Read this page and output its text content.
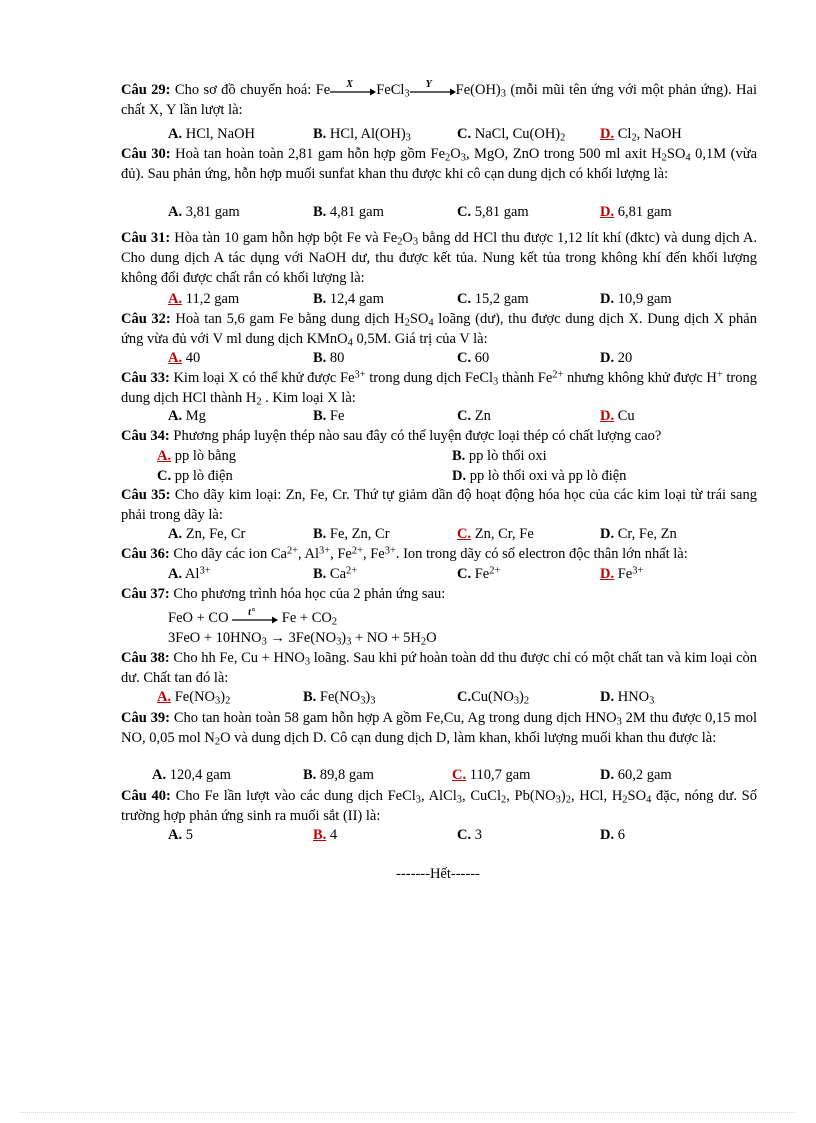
Câu 29: Cho sơ đồ chuyển hoá: Fe X FeCl$_3$
Y $Fe(OH)_3$ (mỗi mũi tên ứng với một phản ứng). Hai chất X, Y lần lượt là:

A. HCl, NaOH	B. HCl, $Al(OH)_3$	C. NaCl, $Cu(OH)_2$ D. $Cl_2$, NaOH

Câu 30: Hoà tan hoàn toàn 2,81 gam hỗn hợp gồm $Fe_2O_3$, MgO, ZnO trong 500 ml axit $H_2SO_4$ 0,1M (vừa đủ). Sau phản ứng, hỗn hợp muối sunfat khan thu được khi cô cạn dung dịch có khối lượng là:

A. 3,81 gam	B. 4,81 gam	C. 5,81 gam	D. 6,81 gam

Câu 31: Hòa tàn 10 gam hỗn hợp bột Fe và $Fe_2O_3$ bằng dd HCl thu được 1,12 lít khí (đktc) và dung dịch A. Cho dung dịch A tác dụng với NaOH dư, thu được kết tủa. Nung kết tủa trong không khí đến khối lượng không đổi được chất rắn có khối lượng là:

A. 11,2 gam	B. 12,4 gam	C. 15,2 gam	D. 10,9 gam

Câu 32: Hoà tan 5,6 gam Fe bằng dung dịch $H_2SO_4$ loãng (dư), thu được dung dịch X. Dung dịch X phản ứng vừa đủ với V ml dung dịch KMnO$_4$ 0,5M. Giá trị của V là:

A. 40	B. 80	C. 60	D. 20

Câu 33: Kim loại X có thể khử được $Fe^{3+}$ trong dung dịch FeCl$_3$ thành $Fe^{2+}$ nhưng không khử được H+ trong dung dịch HCl thành $H_2$ . Kim loại X là:

A. Mg	B. Fe	C. Zn	D. Cu

Câu 34: Phương pháp luyện thép nào sau đây có thể luyện được loại thép có chất lượng cao?

A. pp lò bằng	B. pp lò thổi oxi
C. pp lò điện	D. pp lò thổi oxi và pp lò điện

Câu 35: Cho dãy kim loại: Zn, Fe, Cr. Thứ tự giảm dần độ hoạt động hóa học của các kim loại từ trái sang phải trong dãy là:

A. Zn, Fe, Cr	B. Fe, Zn, Cr	C. Zn, Cr, Fe	D. Cr, Fe, Zn

Câu 36: Cho dãy các ion $Ca^{2+}$, $Al^{3+}$, $Fe^{2+}$, $Fe^{3+}$. Ion trong dãy có số electron độc thân lớn nhất là:

A. $Al^{3+}$	B. $Ca^{2+}$	C. $Fe^{2+}$	D. $Fe^{3+}$

Câu 37: Cho phương trình hóa học của 2 phản ứng sau:

FeO + CO t° $Fe + CO_2$
$3FeO + 10HNO_3 \to 3Fe(NO_3)_3$ + NO + $5H_2O$

Câu 38: Cho hh Fe, $Cu + HNO_3$ loãng. Sau khi pứ hoàn toàn dd thu được chỉ có một chất tan và kim loại còn dư. Chất tan đó là:

A. $Fe(NO_3)_2$	B. $Fe(NO_3)_3$	$C.Cu(NO_3)_2$	D. $HNO_3$

Câu 39: Cho tan hoàn toàn 58 gam hỗn hợp A gồm Fe,Cu, Ag trong dung dịch $HNO_3$ 2M thu được 0,15 mol NO, 0,05 mol $N_2O$ và dung dịch D. Cô cạn dung dịch D, làm khan, khối lượng muối khan thu được là:

A. 120,4 gam	B. 89,8 gam	C. 110,7 gam	D. 60,2 gam

Câu 40: Cho Fe lần lượt vào các dung dịch FeCl$_3$, AlCl$_3$, CuCl$_2$, $Pb(NO_3)_2$, HCl, $H_2SO_4$ đặc, nóng dư. Số trường hợp phản ứng sinh ra muối sắt (II) là:

A. 5	B. 4	C. 3	D. 6
-------Hết------
